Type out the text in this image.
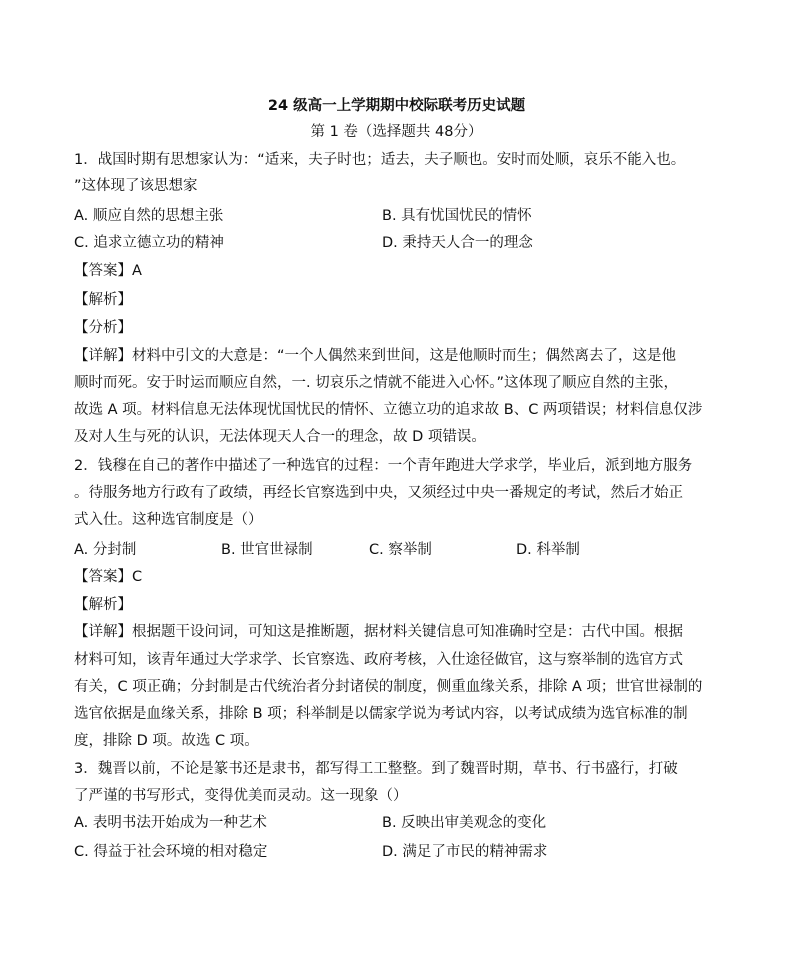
24 级高一上学期期中校际联考历史试题
第 1 卷（选择题共 48分）
1．战国时期有思想家认为：“适来，夫子时也；适去，夫子顺也。安时而处顺，哀乐不能入也。
”这体现了该思想家
A. 顺应自然的思想主张	B. 具有忧国忧民的情怀
C. 追求立德立功的精神	D. 秉持天人合一的理念
【答案】A
【解析】
【分析】
【详解】材料中引文的大意是：“一个人偶然来到世间，这是他顺时而生；偶然离去了，这是他
顺时而死。安于时运而顺应自然，一. 切哀乐之情就不能进入心怀。”这体现了顺应自然的主张，
故选 A 项。材料信息无法体现忧国忧民的情怀、立德立功的追求故 B、C 两项错误；材料信息仅涉
及对人生与死的认识，无法体现天人合一的理念，故 D 项错误。
2．钱穆在自己的著作中描述了一种选官的过程：一个青年跑进大学求学，毕业后，派到地方服务
。待服务地方行政有了政绩，再经长官察选到中央，又须经过中央一番规定的考试，然后才始正
式入仕。这种选官制度是（）
A. 分封制	B. 世官世禄制	C. 察举制	D. 科举制
【答案】C
【解析】
【详解】根据题干设问词，可知这是推断题，据材料关键信息可知准确时空是：古代中国。根据
材料可知，该青年通过大学求学、长官察选、政府考核，入仕途径做官，这与察举制的选官方式
有关，C 项正确；分封制是古代统治者分封诸侯的制度，侧重血缘关系，排除 A 项；世官世禄制的
选官依据是血缘关系，排除 B 项；科举制是以儒家学说为考试内容，以考试成绩为选官标准的制
度，排除 D 项。故选 C 项。
3．魏晋以前，不论是篆书还是隶书，都写得工工整整。到了魏晋时期，草书、行书盛行，打破
了严谨的书写形式，变得优美而灵动。这一现象（）
A. 表明书法开始成为一种艺术	B. 反映出审美观念的变化
C. 得益于社会环境的相对稳定	D. 满足了市民的精神需求
